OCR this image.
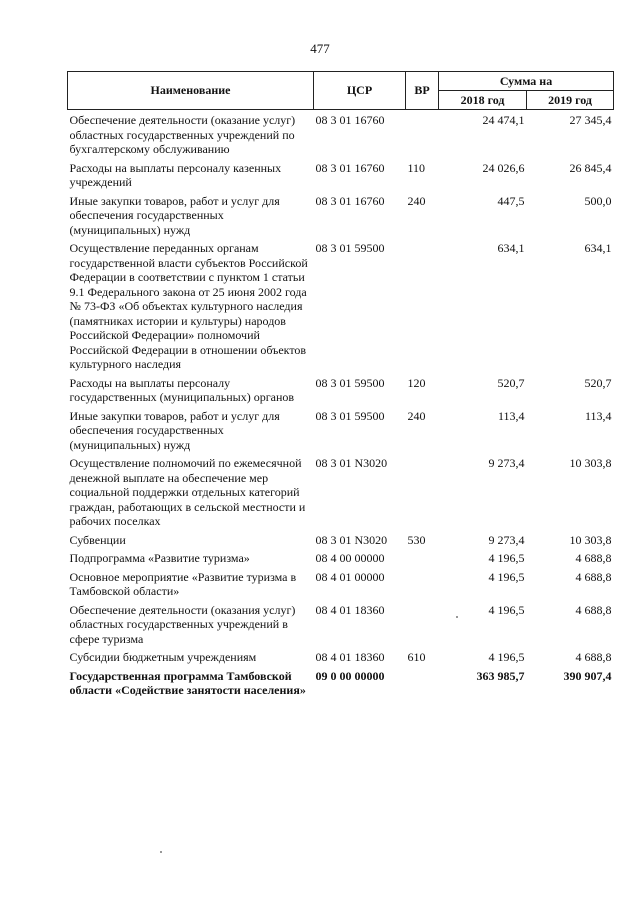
477
Наименование	ЦСР	ВР	Сумма на	
			2018 год	2019 год
Обеспечение деятельности (оказание услуг) областных государственных учреждений по бухгалтерскому обслуживанию	08 3 01 16760		24 474,1	27 345,4
Расходы на выплаты персоналу казенных учреждений	08 3 01 16760	110	24 026,6	26 845,4
Иные закупки товаров, работ и услуг для обеспечения государственных (муниципальных) нужд	08 3 01 16760	240	447,5	500,0
Осуществление переданных органам государственной власти субъектов Российской Федерации в соответствии с пунктом 1 статьи 9.1 Федерального закона от 25 июня 2002 года № 73-ФЗ «Об объектах культурного наследия (памятниках истории и культуры) народов Российской Федерации» полномочий Российской Федерации в отношении объектов культурного наследия	08 3 01 59500		634,1	634,1
Расходы на выплаты персоналу государственных (муниципальных) органов	08 3 01 59500	120	520,7	520,7
Иные закупки товаров, работ и услуг для обеспечения государственных (муниципальных) нужд	08 3 01 59500	240	113,4	113,4
Осуществление полномочий по ежемесячной денежной выплате на обеспечение мер социальной поддержки отдельных категорий граждан, работающих в сельской местности и рабочих поселках	08 3 01 N3020		9 273,4	10 303,8
Субвенции	08 3 01 N3020	530	9 273,4	10 303,8
Подпрограмма «Развитие туризма»	08 4 00 00000		4 196,5	4 688,8
Основное мероприятие «Развитие туризма в Тамбовской области»	08 4 01 00000		4 196,5	4 688,8
Обеспечение деятельности (оказания услуг) областных государственных учреждений в сфере туризма	08 4 01 18360		4 196,5	4 688,8
Субсидии бюджетным учреждениям	08 4 01 18360	610	4 196,5	4 688,8
Государственная программа Тамбовской области «Содействие занятости населения»	09 0 00 00000		363 985,7	390 907,4
